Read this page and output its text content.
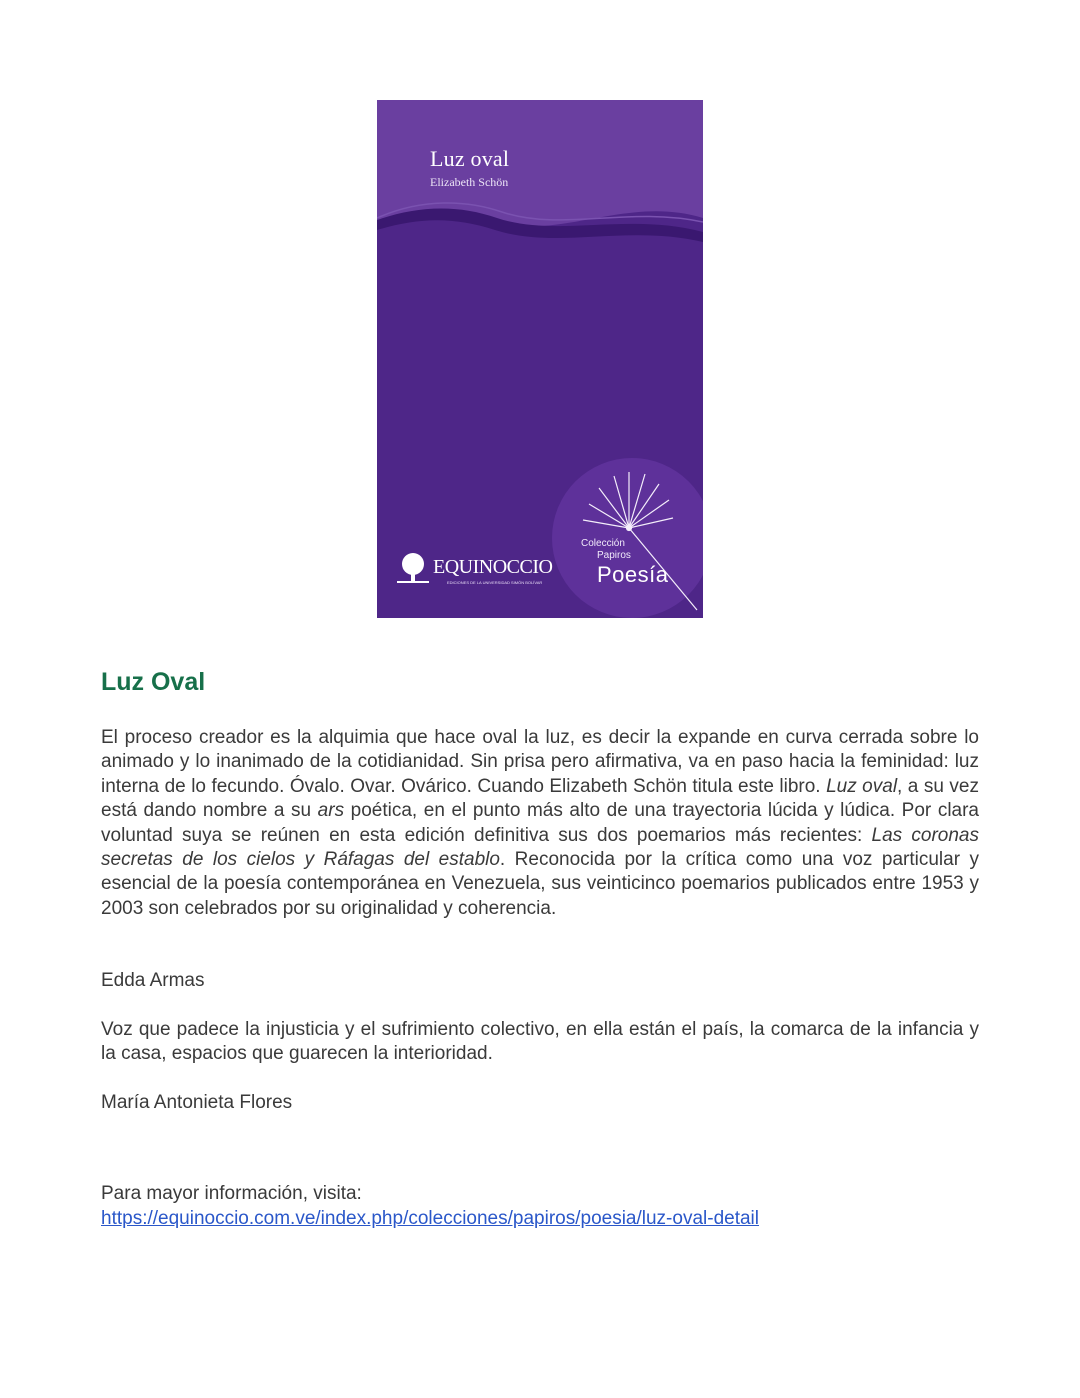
Luz oval
Elizabeth Schön
EQUINOCCIO
EDICIONES DE LA UNIVERSIDAD SIMÓN BOLÍVAR
Colección
Papiros
Poesía
Luz Oval

El proceso creador es la alquimia que hace oval la luz, es decir la expande en curva cerrada sobre lo animado y lo inanimado de la cotidianidad. Sin prisa pero afirmativa, va en paso hacia la feminidad: luz interna de lo fecundo. Óvalo. Ovar. Ovárico. Cuando Elizabeth Schön titula este libro. Luz oval, a su vez está dando nombre a su ars poética, en el punto más alto de una trayectoria lúcida y lúdica. Por clara voluntad suya se reúnen en esta edición definitiva sus dos poemarios más recientes: Las coronas secretas de los cielos y Ráfagas del establo. Reconocida por la crítica como una voz particular y esencial de la poesía contemporánea en Venezuela, sus veinticinco poemarios publicados entre 1953 y 2003 son celebrados por su originalidad y coherencia.

Edda Armas

Voz que padece la injusticia y el sufrimiento colectivo, en ella están el país, la comarca de la infancia y la casa, espacios que guarecen la interioridad.

María Antonieta Flores

Para mayor información, visita:

https://equinoccio.com.ve/index.php/colecciones/papiros/poesia/luz-oval-detail
